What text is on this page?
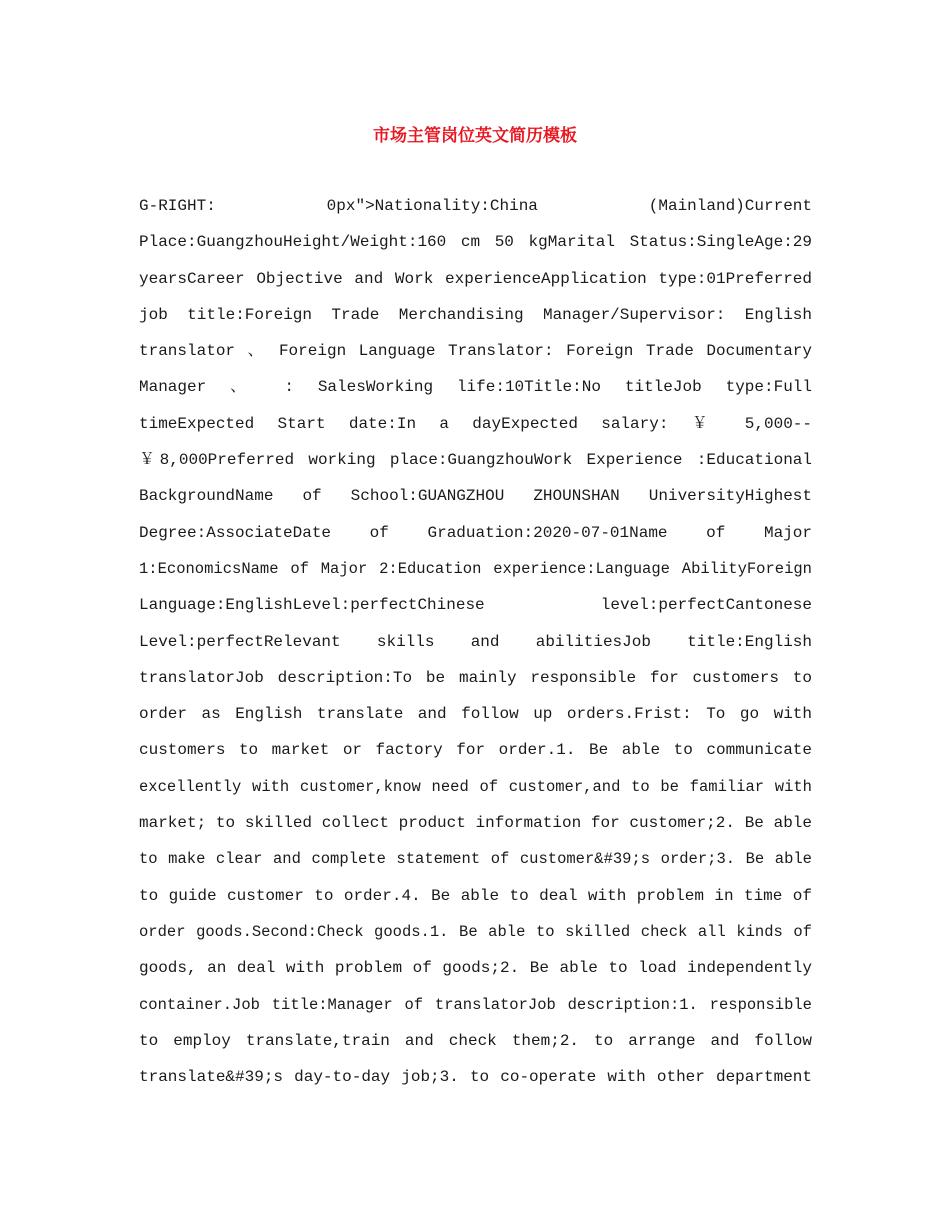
市场主管岗位英文简历模板
G-RIGHT: 0px">Nationality:China (Mainland)Current
Place:GuangzhouHeight/Weight:160 cm 50 kgMarital Status:SingleAge:29
yearsCareer Objective and Work experienceApplication type:01Preferred
job title:Foreign Trade Merchandising Manager/Supervisor: English
translator 、 Foreign Language Translator: Foreign Trade Documentary
Manager 、 : SalesWorking life:10Title:No titleJob type:Full
timeExpected Start date:In a dayExpected salary: ￥ 5,000--
￥8,000Preferred working place:GuangzhouWork Experience :Educational
BackgroundName of School:GUANGZHOU ZHOUNSHAN UniversityHighest
Degree:AssociateDate of Graduation:2020-07-01Name of Major
1:EconomicsName of Major 2:Education experience:Language AbilityForeign
Language:EnglishLevel:perfectChinese level:perfectCantonese
Level:perfectRelevant skills and abilitiesJob title:English
translatorJob description:To be mainly responsible for customers to
order as English translate and follow up orders.Frist: To go with
customers to market or factory for order.1. Be able to communicate
excellently with customer,know need of customer,and to be familiar with
market; to skilled collect product information for customer;2. Be able
to make clear and complete statement of customer&#39;s order;3. Be able
to guide customer to order.4. Be able to deal with problem in time of
order goods.Second:Check goods.1. Be able to skilled check all kinds of
goods, an deal with problem of goods;2. Be able to load independently
container.Job title:Manager of translatorJob description:1. responsible
to employ translate,train and check them;2. to arrange and follow
translate&#39;s day-to-day job;3. to co-operate with other department
